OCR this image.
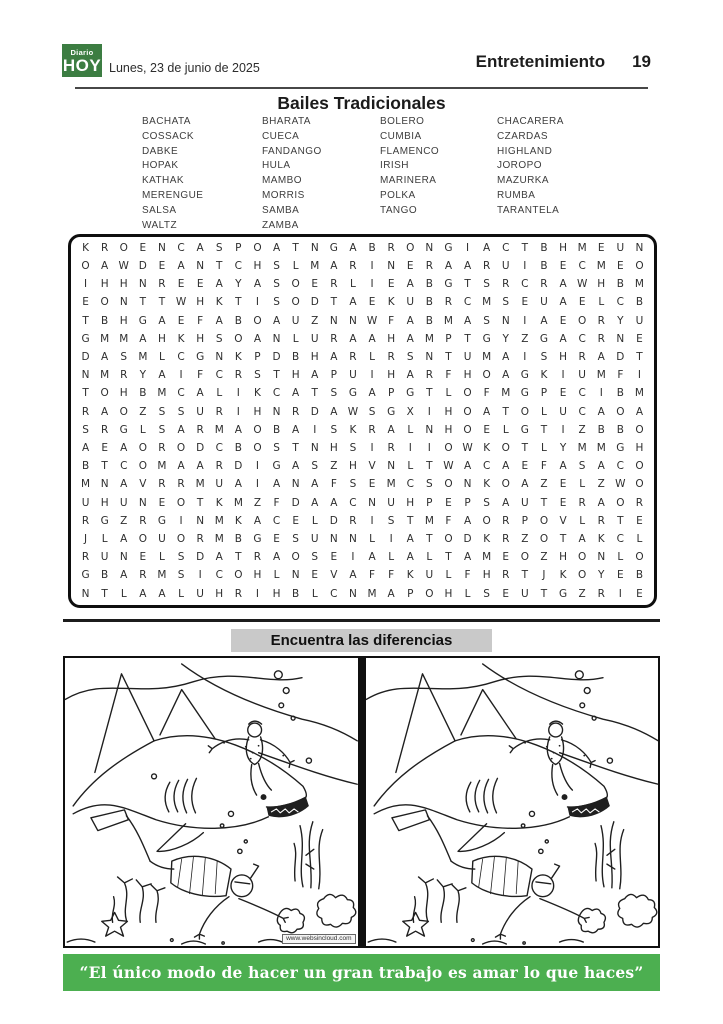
Diario
HOY Lunes, 23 de junio de 2025	Entretenimiento 19
Bailes Tradicionales
BACHATA
COSSACK
DABKE
HOPAK
KATHAK
MERENGUE
SALSA
WALTZ
BHARATA
CUECA
FANDANGO
HULA
MAMBO
MORRIS
SAMBA
ZAMBA
BOLERO
CUMBIA
FLAMENCO
IRISH
MARINERA
POLKA
TANGO
CHACARERA
CZARDAS
HIGHLAND
JOROPO
MAZURKA
RUMBA
TARANTELA
K R O E N C A S P O A T N G A B R O N G I A C T B H M E U N
O A W D E A N T C H S L M A R I N E R A A R U I B E C M E O
I H H N R E E A Y A S O E R L I E A B G T S R C R A W H B M
E O N T T W H K T I S O D T A E K U B R C M S E U A E L C B
T B H G A E F A B O A U Z N N W F A B M A S N I A E O R Y U
G M M A H K H S O A N L U R A A H A M P T G Y Z G A C R N E
D A S M L C G N K P D B H A R L R S N T U M A I S H R A D T
N M R Y A I F C R S T H A P U I H A R F H O A G K I U M F I
T O H B M C A L I K C A T S G A P G T L O F M G P E C I B M
R A O Z S S U R I H N R D A W S G X I H O A T O L U C A O A
S R G L S A R M A O B A I S K R A L N H O E L G T I Z B B O
A E A O R O D C B O S T N H S I R I I O W K O T L Y M M G H
B T C O M A A R D I G A S Z H V N L T W A C A E F A S A C O
M N A V R R M U A I A N A F S E M C S O N K O A Z E L Z W O
U H U N E O T K M Z F D A A C N U H P E P S A U T E R A O R
R G Z R G I N M K A C E L D R I S T M F A O R P O V L R T E
J L A O U O R M B G E S U N N L I A T O D K R Z O T A K C L
R U N E L S D A T R A O S E I A L A L T A M E O Z H O N L O
G B A R M S I C O H L N E V A F F K U L F H R T J K O Y E B
N T L A A L U H R I H B L C N M A P O H L S E U T G Z R I E
Encuentra las diferencias
www.websincloud.com
“El único modo de hacer un gran trabajo es amar lo que haces”
